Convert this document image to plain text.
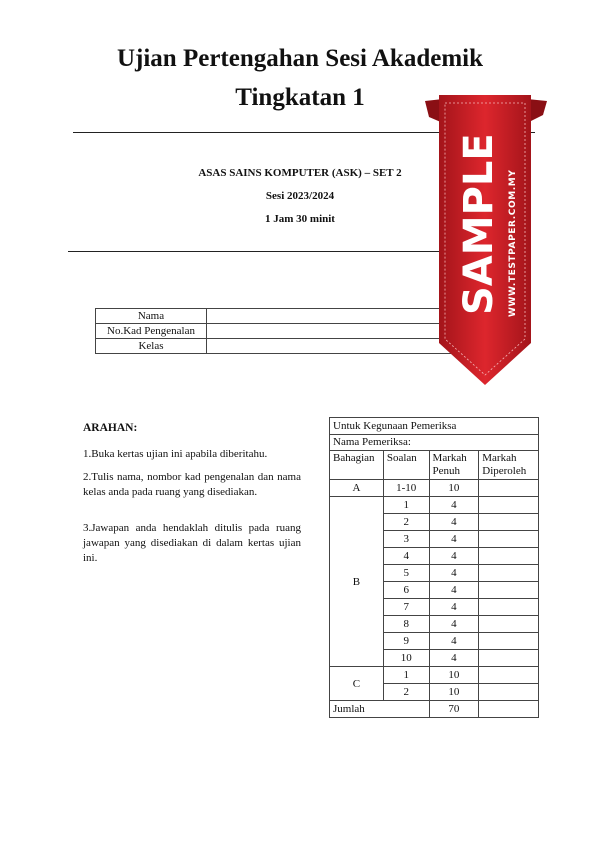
Ujian Pertengahan Sesi Akademik
Tingkatan 1
ASAS SAINS KOMPUTER (ASK) – SET 2
Sesi 2023/2024
1 Jam 30 minit
Nama	
No.Kad Pengenalan	
Kelas	
ARAHAN:

1.Buka kertas ujian ini apabila diberitahu.

2.Tulis nama, nombor kad pengenalan dan nama kelas anda pada ruang yang disediakan.

3.Jawapan anda hendaklah ditulis pada ruang jawapan yang disediakan di dalam kertas ujian ini.

Untuk Kegunaan Pemeriksa			
Nama Pemeriksa:			
Bahagian	Soalan	Markah Penuh	Markah Diperoleh
A	1-10	10	
B	1	4	
	2	4	
	3	4	
	4	4	
	5	4	
	6	4	
	7	4	
	8	4	
	9	4	
	10	4	
C	1	10	
	2	10	
Jumlah		70	
SAMPLE WWW.TESTPAPER.COM.MY
